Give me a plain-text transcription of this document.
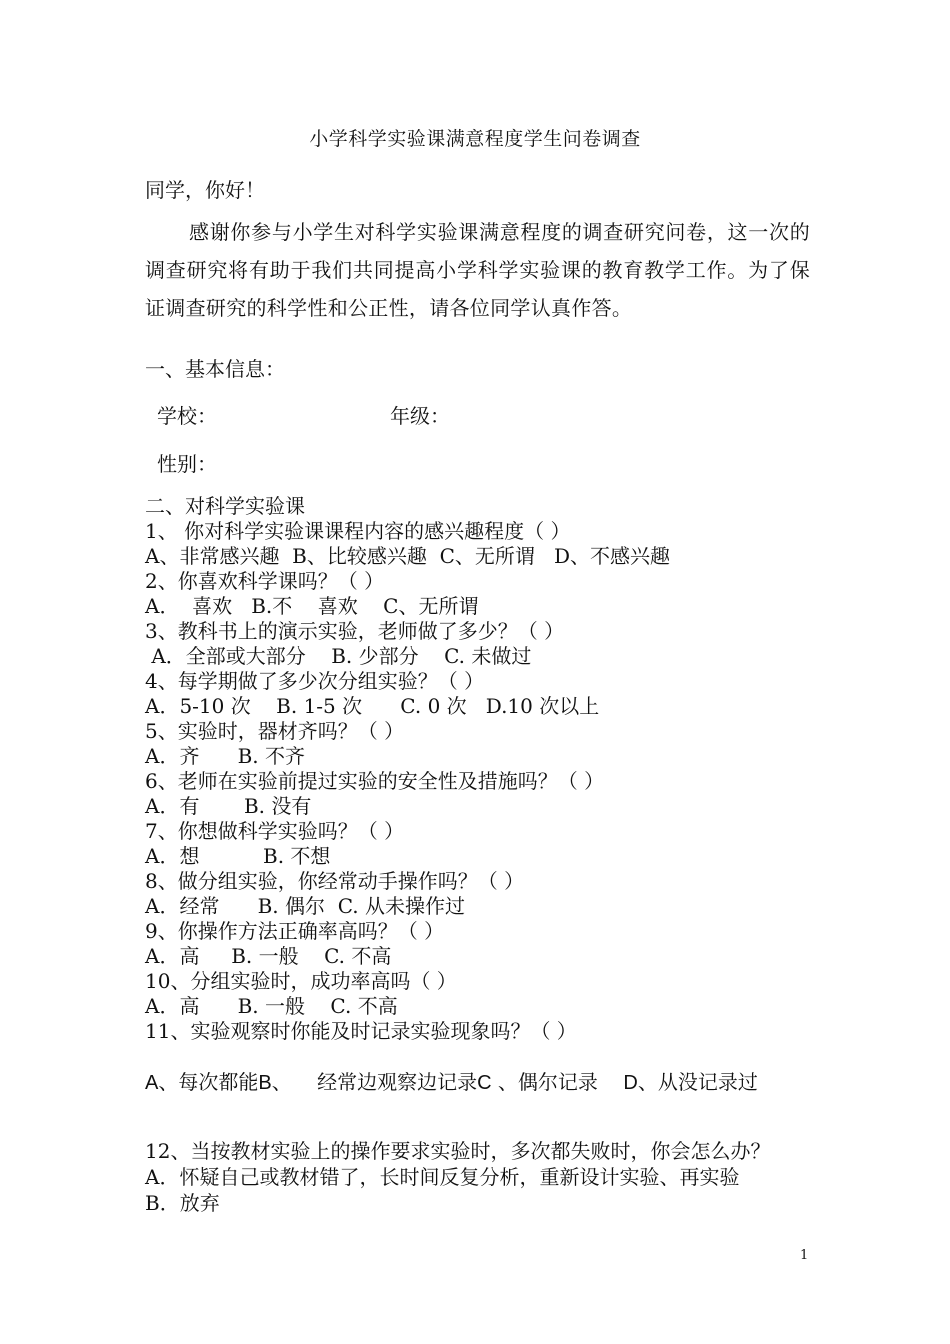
小学科学实验课满意程度学生问卷调查
同学，你好！
感谢你参与小学生对科学实验课满意程度的调查研究问卷，这一次的调查研究将有助于我们共同提高小学科学实验课的教育教学工作。为了保证调查研究的科学性和公正性，请各位同学认真作答。
一、基本信息：
学校：	年级：
性别：
二、对科学实验课
1、 你对科学实验课课程内容的感兴趣程度（ ）
A、非常感兴趣  B、比较感兴趣  C、无所谓   D、不感兴趣
2、你喜欢科学课吗？（ ）
A．  喜欢   B.不    喜欢    C、无所谓
3、教科书上的演示实验，老师做了多少？（ ）
A．全部或大部分    B. 少部分    C. 未做过
4、每学期做了多少次分组实验？（ ）
A．5-10 次    B. 1-5 次      C. 0 次   D.10 次以上
5、实验时，器材齐吗？（ ）
A．齐      B. 不齐
6、老师在实验前提过实验的安全性及措施吗？（ ）
A．有       B. 没有
7、你想做科学实验吗？（ ）
A．想          B. 不想
8、做分组实验，你经常动手操作吗？（ ）
A．经常      B. 偶尔  C. 从未操作过
9、你操作方法正确率高吗？（ ）
A．高     B. 一般    C. 不高
10、分组实验时，成功率高吗（ ）
A．高      B. 一般    C. 不高
11、实验观察时你能及时记录实验现象吗？（ ）
A、每次都能B、    经常边观察边记录C 、偶尔记录    D、从没记录过
12、当按教材实验上的操作要求实验时，多次都失败时，你会怎么办？
A．怀疑自己或教材错了，长时间反复分析，重新设计实验、再实验
B．放弃
1
